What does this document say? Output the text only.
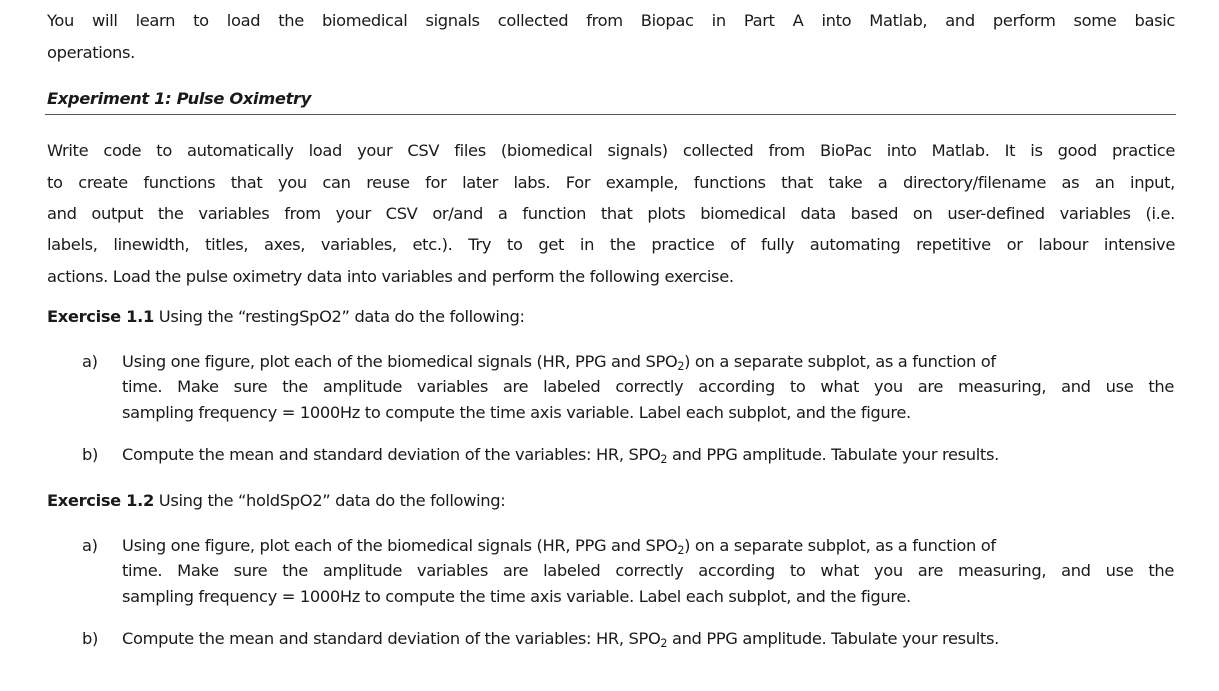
You will learn to load the biomedical signals collected from Biopac in Part A into Matlab, and perform some basic
operations.
Experiment 1: Pulse Oximetry
Write code to automatically load your CSV files (biomedical signals) collected from BioPac into Matlab. It is good practice
to create functions that you can reuse for later labs. For example, functions that take a directory/filename as an input,
and output the variables from your CSV or/and a function that plots biomedical data based on user-defined variables (i.e.
labels, linewidth, titles, axes, variables, etc.). Try to get in the practice of fully automating repetitive or labour intensive
actions. Load the pulse oximetry data into variables and perform the following exercise.
Exercise 1.1 Using the “restingSpO2” data do the following:
a) Using one figure, plot each of the biomedical signals (HR, PPG and $SPO_2$) on a separate subplot, as a function of
time. Make sure the amplitude variables are labeled correctly according to what you are measuring, and use the
sampling frequency = 1000Hz to compute the time axis variable. Label each subplot, and the figure.
b) Compute the mean and standard deviation of the variables: HR, $SPO_2$ and PPG amplitude. Tabulate your results.
Exercise 1.2 Using the “holdSpO2” data do the following:
a) Using one figure, plot each of the biomedical signals (HR, PPG and $SPO_2$) on a separate subplot, as a function of
time. Make sure the amplitude variables are labeled correctly according to what you are measuring, and use the
sampling frequency = 1000Hz to compute the time axis variable. Label each subplot, and the figure.
b) Compute the mean and standard deviation of the variables: HR, $SPO_2$ and PPG amplitude. Tabulate your results.
